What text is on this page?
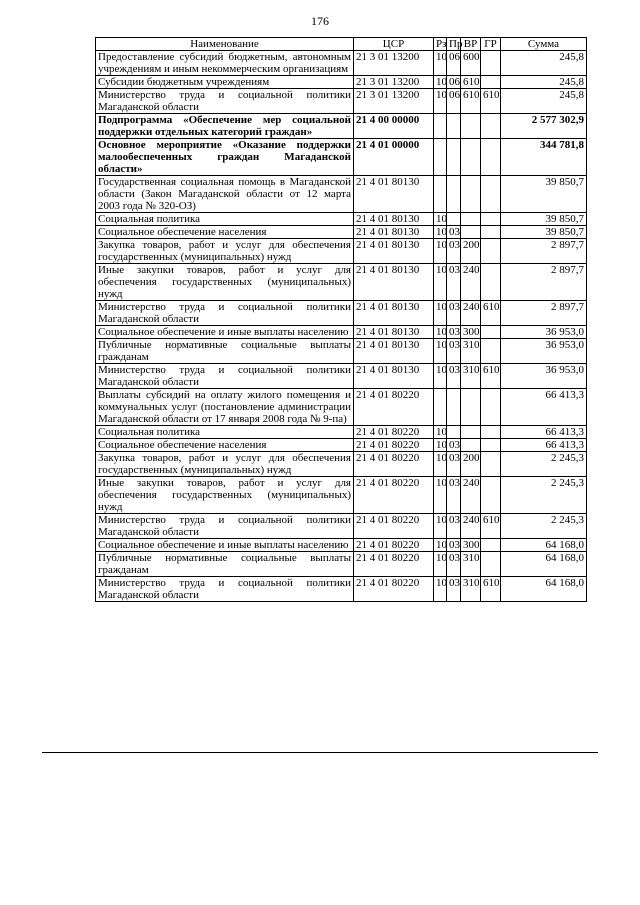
176
Наименование	ЦСР	Рз	Пр	ВР	ГР	Сумма
Предоставление субсидий бюджетным, автономным учреждениям и иным некоммерческим организациям	21 3 01 13200	10	06	600		245,8
Субсидии бюджетным учреждениям	21 3 01 13200	10	06	610		245,8
Министерство труда и социальной политики Магаданской области	21 3 01 13200	10	06	610	610	245,8
Подпрограмма «Обеспечение мер социальной поддержки отдельных категорий граждан»	21 4 00 00000					2 577 302,9
Основное мероприятие «Оказание поддержки малообеспеченных граждан Магаданской области»	21 4 01 00000					344 781,8
Государственная социальная помощь в Магаданской области (Закон Магаданской области от 12 марта 2003 года № 320-ОЗ)	21 4 01 80130					39 850,7
Социальная политика	21 4 01 80130	10				39 850,7
Социальное обеспечение населения	21 4 01 80130	10	03			39 850,7
Закупка товаров, работ и услуг для обеспечения государственных (муниципальных) нужд	21 4 01 80130	10	03	200		2 897,7
Иные закупки товаров, работ и услуг для обеспечения государственных (муниципальных) нужд	21 4 01 80130	10	03	240		2 897,7
Министерство труда и социальной политики Магаданской области	21 4 01 80130	10	03	240	610	2 897,7
Социальное обеспечение и иные выплаты населению	21 4 01 80130	10	03	300		36 953,0
Публичные нормативные социальные выплаты гражданам	21 4 01 80130	10	03	310		36 953,0
Министерство труда и социальной политики Магаданской области	21 4 01 80130	10	03	310	610	36 953,0
Выплаты субсидий на оплату жилого помещения и коммунальных услуг (постановление администрации Магаданской области от 17 января 2008 года № 9-па)	21 4 01 80220					66 413,3
Социальная политика	21 4 01 80220	10				66 413,3
Социальное обеспечение населения	21 4 01 80220	10	03			66 413,3
Закупка товаров, работ и услуг для обеспечения государственных (муниципальных) нужд	21 4 01 80220	10	03	200		2 245,3
Иные закупки товаров, работ и услуг для обеспечения государственных (муниципальных) нужд	21 4 01 80220	10	03	240		2 245,3
Министерство труда и социальной политики Магаданской области	21 4 01 80220	10	03	240	610	2 245,3
Социальное обеспечение и иные выплаты населению	21 4 01 80220	10	03	300		64 168,0
Публичные нормативные социальные выплаты гражданам	21 4 01 80220	10	03	310		64 168,0
Министерство труда и социальной политики Магаданской области	21 4 01 80220	10	03	310	610	64 168,0
